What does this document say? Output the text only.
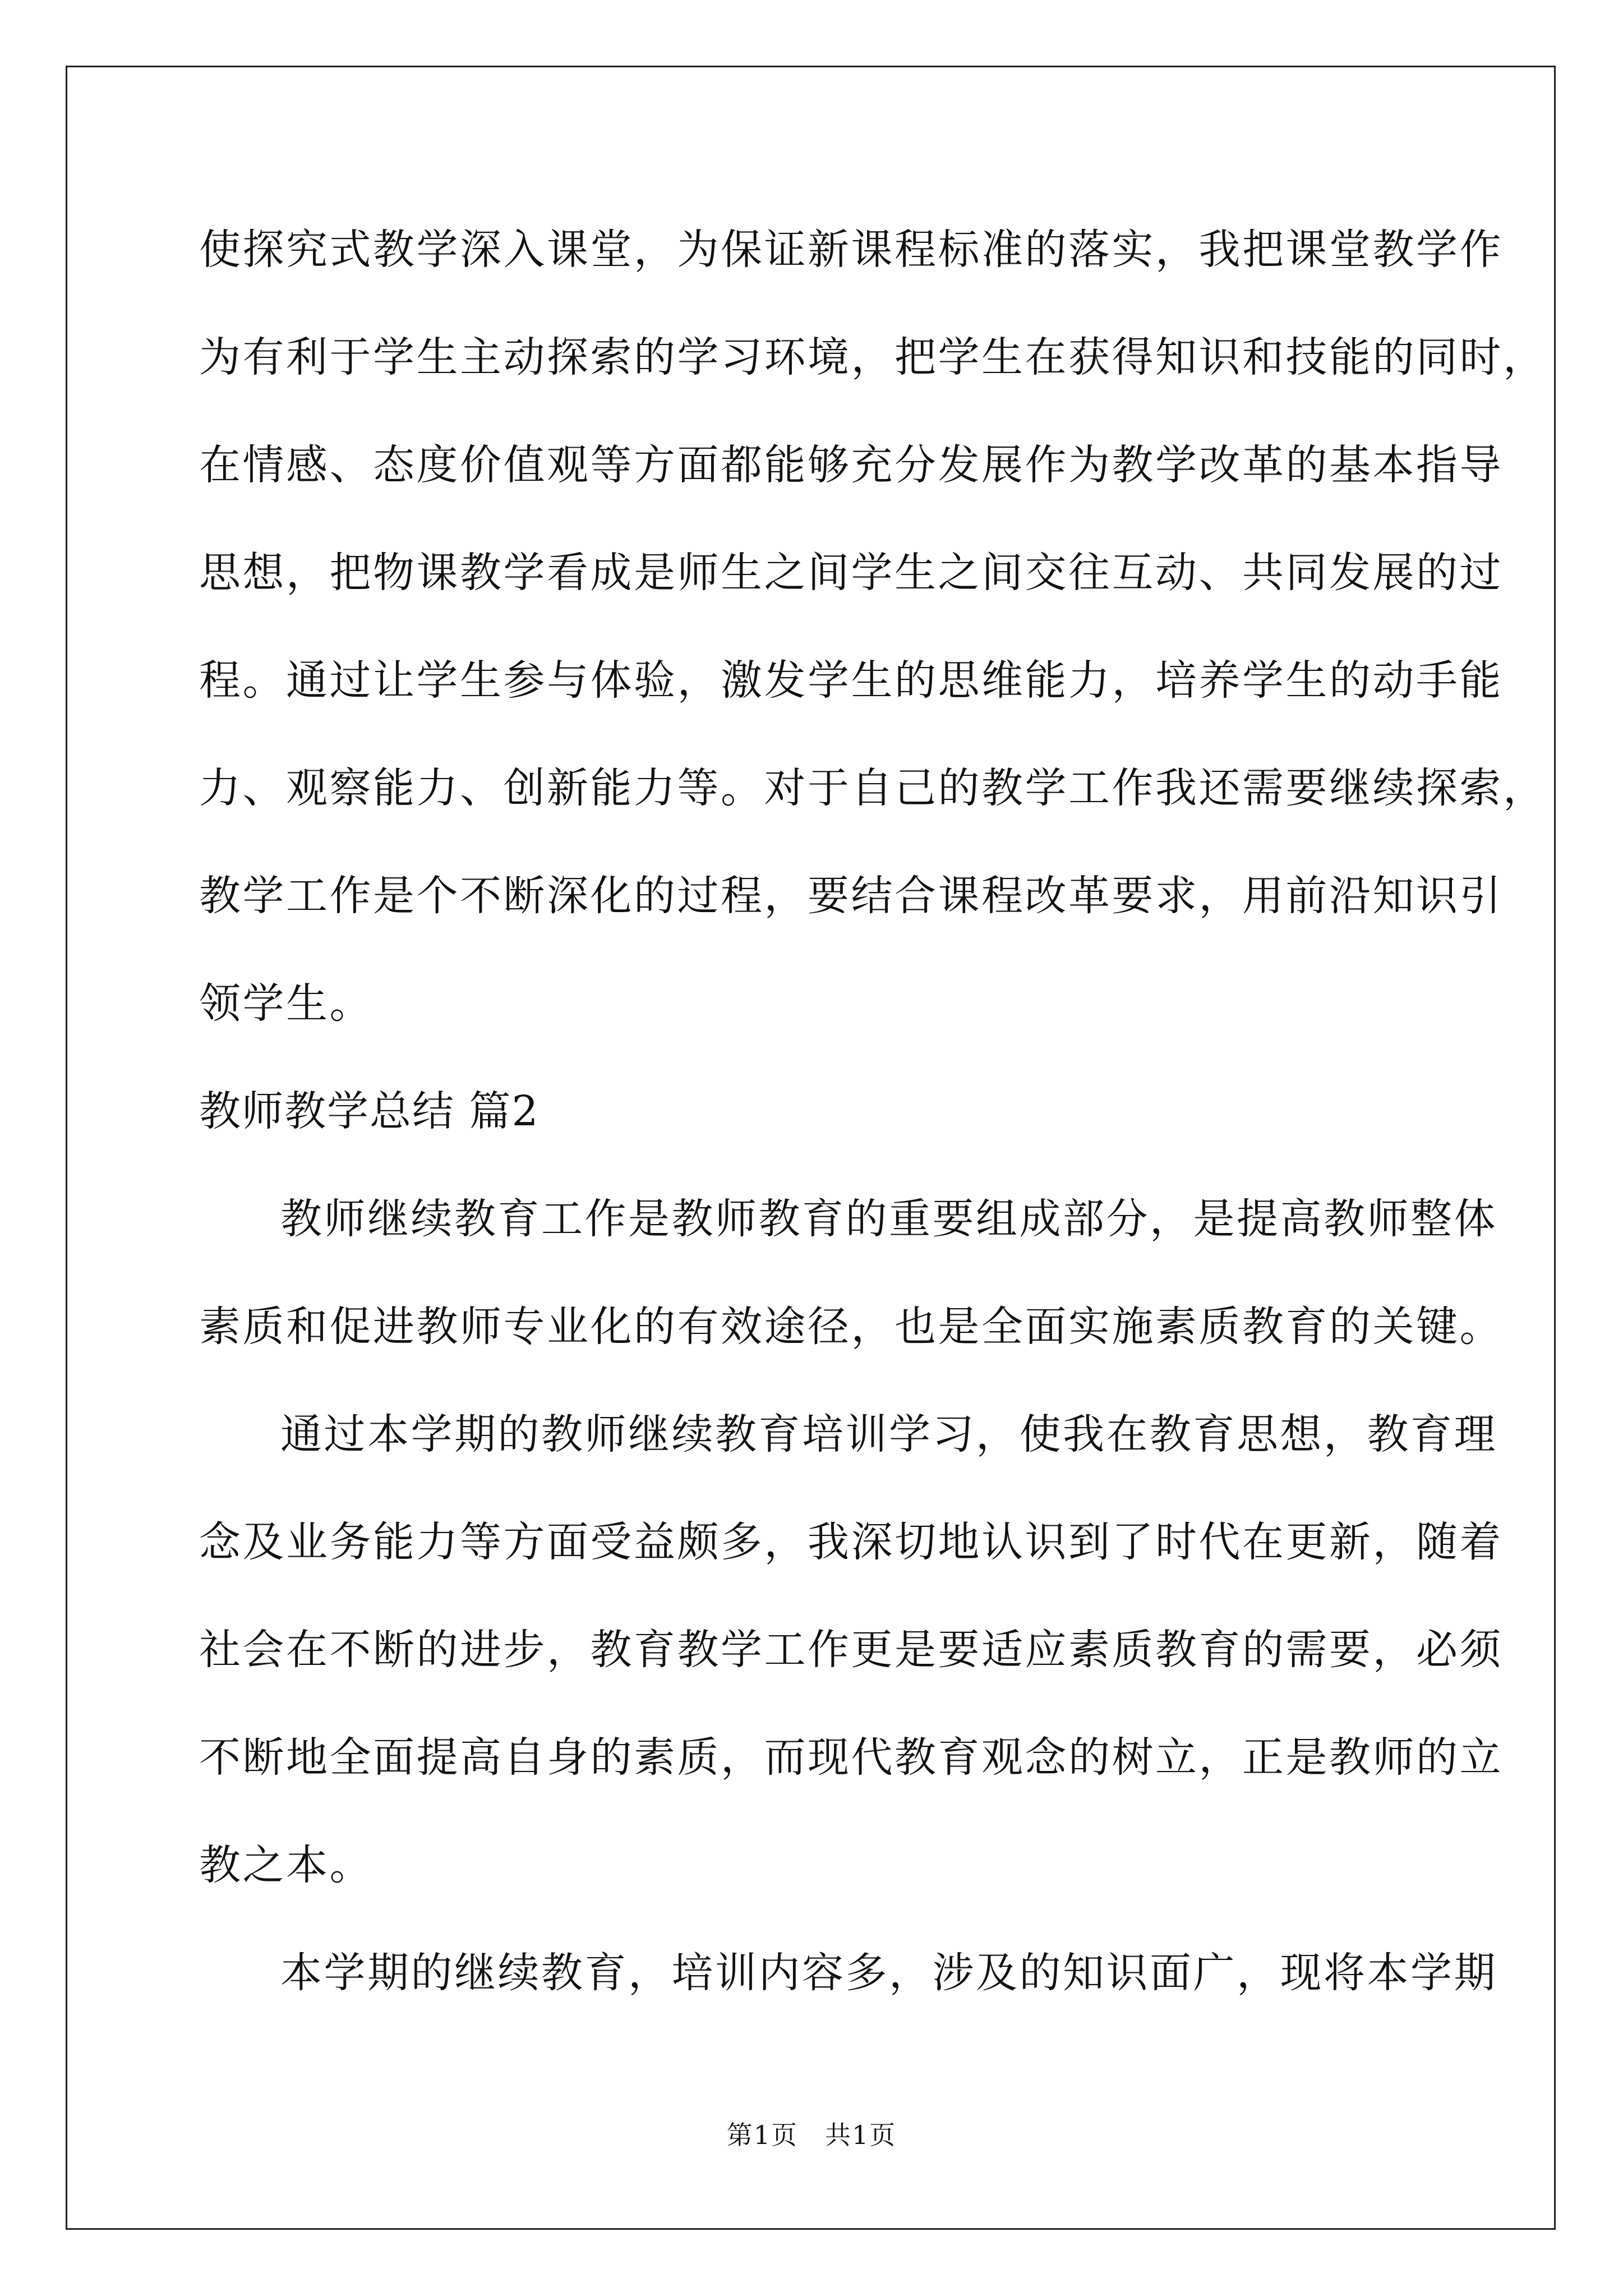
使探究式教学深入课堂，为保证新课程标准的落实，我把课堂教学作
为有利于学生主动探索的学习环境，把学生在获得知识和技能的同时，
在情感、态度价值观等方面都能够充分发展作为教学改革的基本指导
思想，把物课教学看成是师生之间学生之间交往互动、共同发展的过
程。通过让学生参与体验，激发学生的思维能力，培养学生的动手能
力、观察能力、创新能力等。对于自己的教学工作我还需要继续探索，
教学工作是个不断深化的过程，要结合课程改革要求，用前沿知识引
领学生。
教师教学总结 篇2
教师继续教育工作是教师教育的重要组成部分，是提高教师整体
素质和促进教师专业化的有效途径，也是全面实施素质教育的关键。
通过本学期的教师继续教育培训学习，使我在教育思想，教育理
念及业务能力等方面受益颇多，我深切地认识到了时代在更新，随着
社会在不断的进步，教育教学工作更是要适应素质教育的需要，必须
不断地全面提高自身的素质，而现代教育观念的树立，正是教师的立
教之本。
本学期的继续教育，培训内容多，涉及的知识面广，现将本学期
第1页 共1页
